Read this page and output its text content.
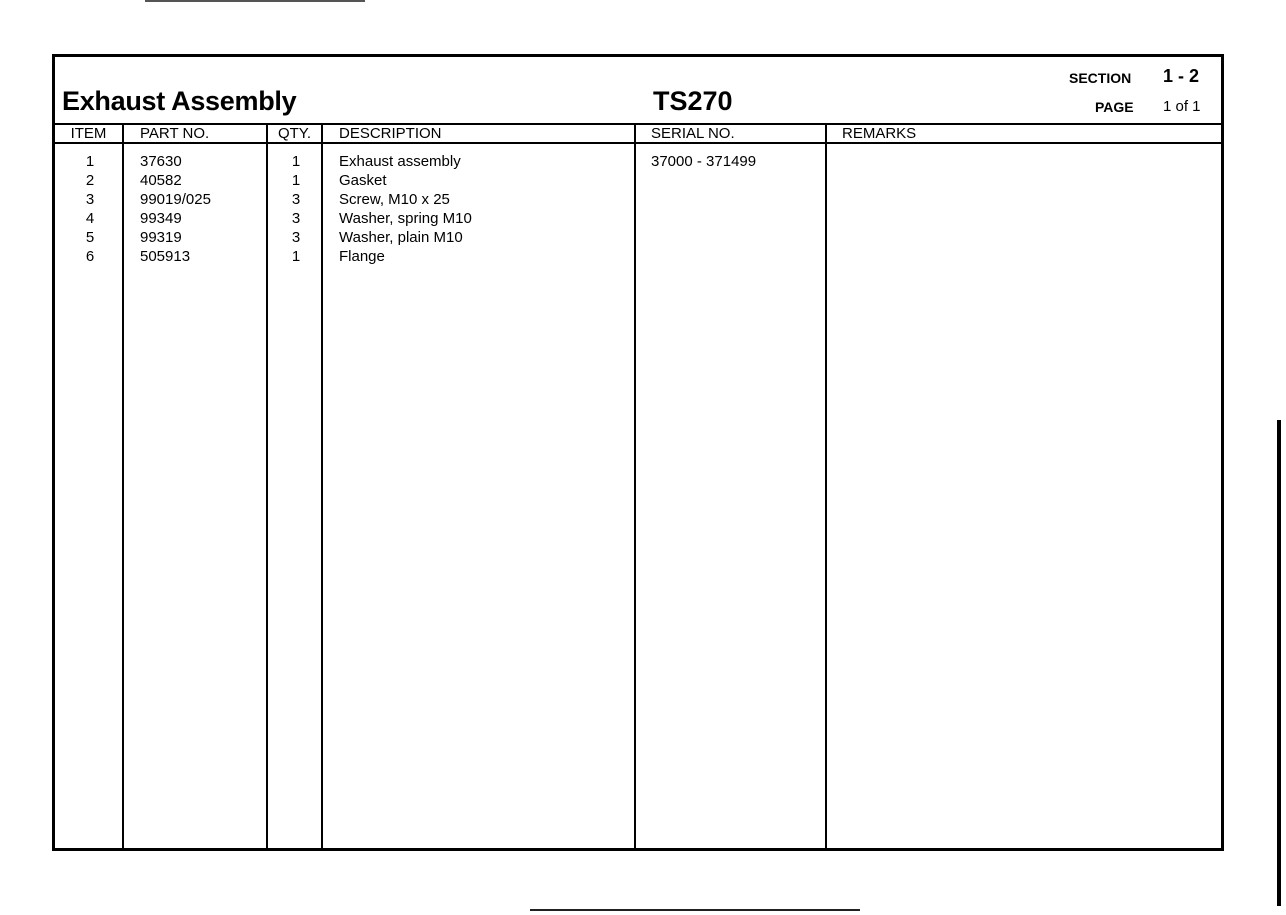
Exhaust Assembly	TS270
SECTION 1 - 2
PAGE 1 of 1
ITEM	PART NO.	QTY.	DESCRIPTION	SERIAL NO.	REMARKS
1	37630	1	Exhaust assembly	37000 - 371499
2	40582	1	Gasket
3	99019/025	3	Screw, M10 x 25
4	99349	3	Washer, spring M10
5	99319	3	Washer, plain M10
6	505913	1	Flange
